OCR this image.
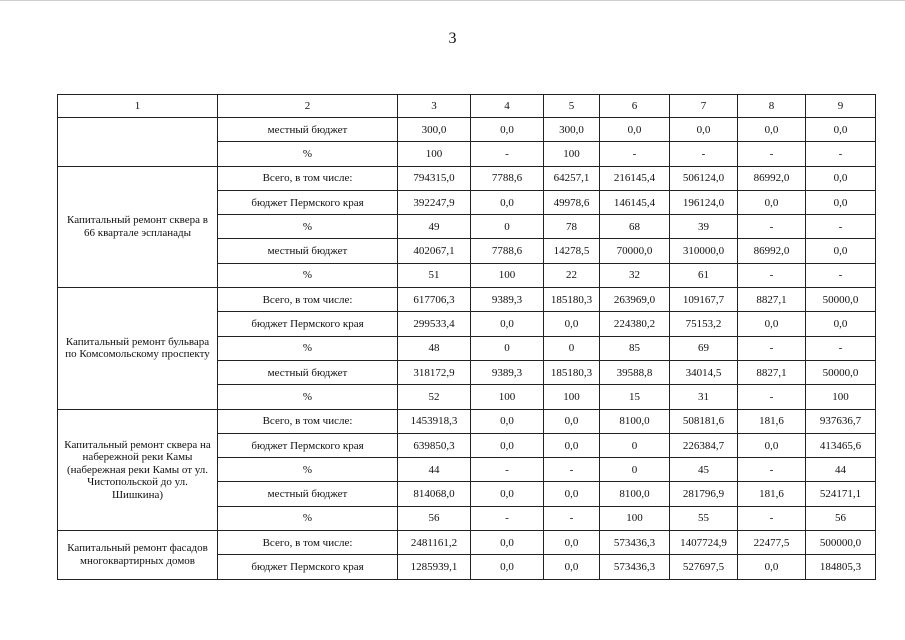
3
1	2	3	4	5	6	7	8	9
	местный бюджет	300,0	0,0	300,0	0,0	0,0	0,0	0,0
	%	100	-	100	-	-	-	-
Капитальный ремонт сквера в 66 квартале эспланады	Всего, в том числе:	794315,0	7788,6	64257,1	216145,4	506124,0	86992,0	0,0
	бюджет Пермского края	392247,9	0,0	49978,6	146145,4	196124,0	0,0	0,0
	%	49	0	78	68	39	-	-
	местный бюджет	402067,1	7788,6	14278,5	70000,0	310000,0	86992,0	0,0
	%	51	100	22	32	61	-	-
Капитальный ремонт бульвара по Комсомольскому проспекту	Всего, в том числе:	617706,3	9389,3	185180,3	263969,0	109167,7	8827,1	50000,0
	бюджет Пермского края	299533,4	0,0	0,0	224380,2	75153,2	0,0	0,0
	%	48	0	0	85	69	-	-
	местный бюджет	318172,9	9389,3	185180,3	39588,8	34014,5	8827,1	50000,0
	%	52	100	100	15	31	-	100
Капитальный ремонт сквера на набережной реки Камы (набережная реки Камы от ул. Чистопольской до ул. Шишкина)	Всего, в том числе:	1453918,3	0,0	0,0	8100,0	508181,6	181,6	937636,7
	бюджет Пермского края	639850,3	0,0	0,0	0	226384,7	0,0	413465,6
	%	44	-	-	0	45	-	44
	местный бюджет	814068,0	0,0	0,0	8100,0	281796,9	181,6	524171,1
	%	56	-	-	100	55	-	56
Капитальный ремонт фасадов многоквартирных домов	Всего, в том числе:	2481161,2	0,0	0,0	573436,3	1407724,9	22477,5	500000,0
	бюджет Пермского края	1285939,1	0,0	0,0	573436,3	527697,5	0,0	184805,3
